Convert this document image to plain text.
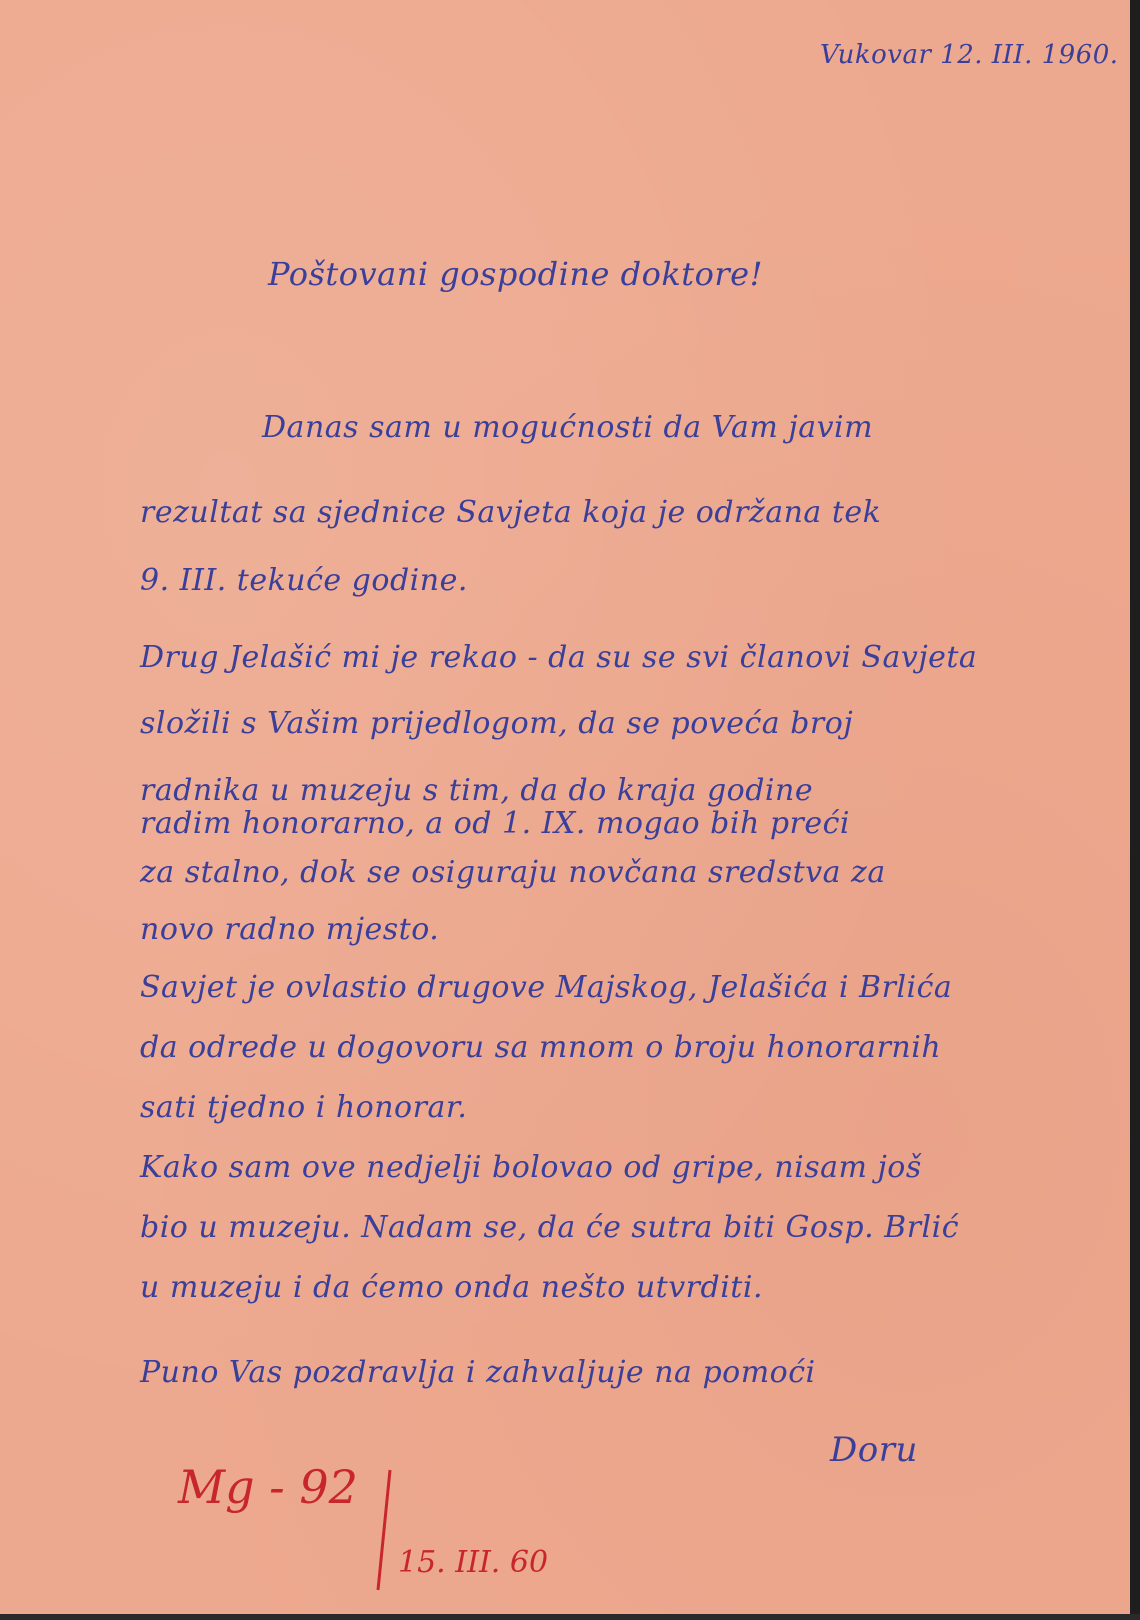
Vukovar 12. III. 1960.
Poštovani gospodine doktore!
Danas sam u mogućnosti da Vam javim
rezultat sa sjednice Savjeta koja je održana tek
9. III. tekuće godine.
Drug Jelašić mi je rekao - da su se svi članovi Savjeta
složili s Vašim prijedlogom, da se poveća broj
radnika u muzeju s tim, da do kraja godine
radim honorarno, a od 1. IX. mogao bih preći
za stalno, dok se osiguraju novčana sredstva za
novo radno mjesto.
Savjet je ovlastio drugove Majskog, Jelašića i Brlića
da odrede u dogovoru sa mnom o broju honorarnih
sati tjedno i honorar.
Kako sam ove nedjelji bolovao od gripe, nisam još
bio u muzeju. Nadam se, da će sutra biti Gosp. Brlić
u muzeju i da ćemo onda nešto utvrditi.
Puno Vas pozdravlja i zahvaljuje na pomoći
Doru
Mg - 92
15. III. 60
